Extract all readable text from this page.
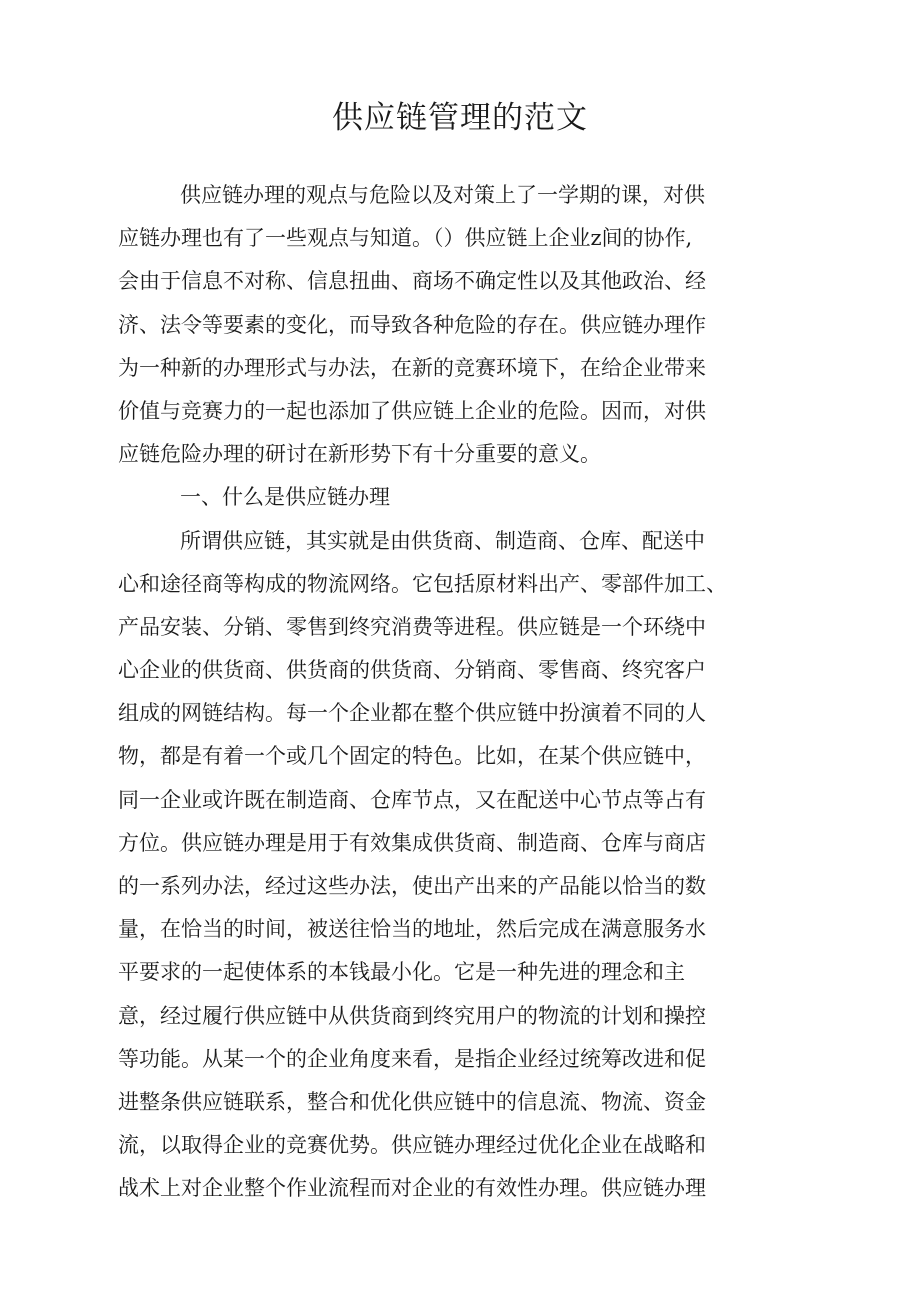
供应链管理的范文
供应链办理的观点与危险以及对策上了一学期的课，对供
应链办理也有了一些观点与知道。（）供应链上企业z间的协作,
会由于信息不对称、信息扭曲、商场不确定性以及其他政治、经
济、法令等要素的变化，而导致各种危险的存在。供应链办理作
为一种新的办理形式与办法，在新的竞赛环境下，在给企业带来
价值与竞赛力的一起也添加了供应链上企业的危险。因而，对供
应链危险办理的研讨在新形势下有十分重要的意义。
一、什么是供应链办理
所谓供应链，其实就是由供货商、制造商、仓库、配送中
心和途径商等构成的物流网络。它包括原材料出产、零部件加工、
产品安装、分销、零售到终究消费等进程。供应链是一个环绕中
心企业的供货商、供货商的供货商、分销商、零售商、终究客户
组成的网链结构。每一个企业都在整个供应链中扮演着不同的人
物，都是有着一个或几个固定的特色。比如，在某个供应链中，
同一企业或许既在制造商、仓库节点，又在配送中心节点等占有
方位。供应链办理是用于有效集成供货商、制造商、仓库与商店
的一系列办法，经过这些办法，使出产出来的产品能以恰当的数
量，在恰当的时间，被送往恰当的地址，然后完成在满意服务水
平要求的一起使体系的本钱最小化。它是一种先进的理念和主
意，经过履行供应链中从供货商到终究用户的物流的计划和操控
等功能。从某一个的企业角度来看，是指企业经过统筹改进和促
进整条供应链联系，整合和优化供应链中的信息流、物流、资金
流，以取得企业的竞赛优势。供应链办理经过优化企业在战略和
战术上对企业整个作业流程而对企业的有效性办理。供应链办理
